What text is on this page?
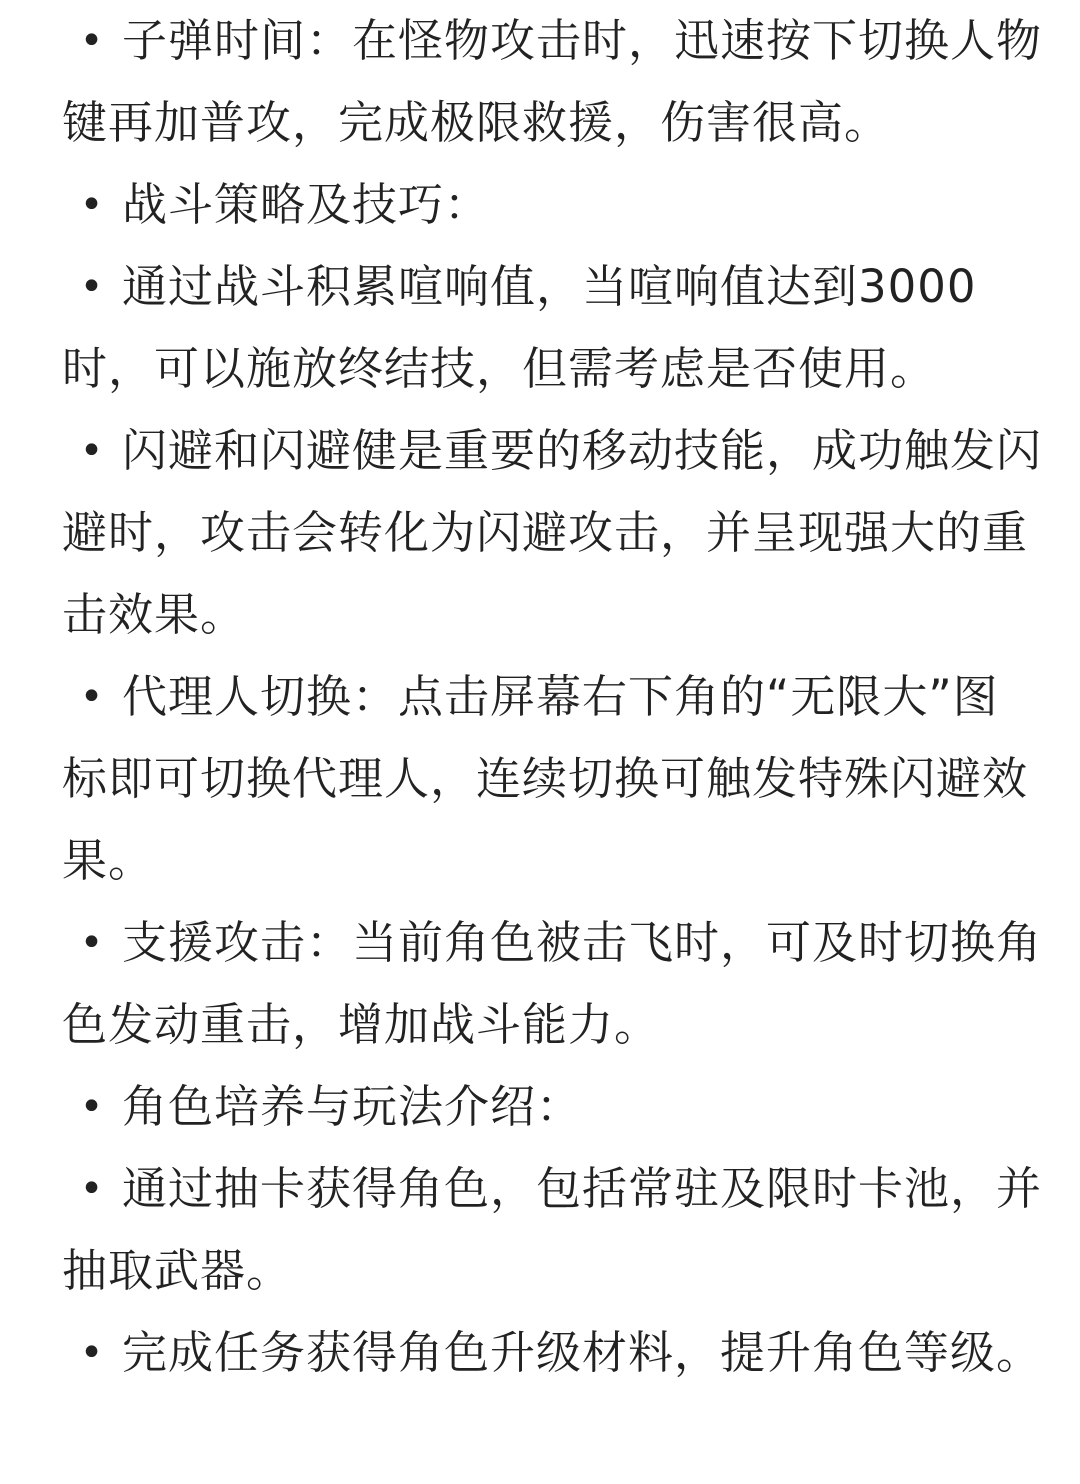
• 子弹时间：在怪物攻击时，迅速按下切换人物键再加普攻，完成极限救援，伤害很高。
• 战斗策略及技巧：
• 通过战斗积累喧响值，当喧响值达到3000时，可以施放终结技，但需考虑是否使用。
• 闪避和闪避健是重要的移动技能，成功触发闪避时，攻击会转化为闪避攻击，并呈现强大的重击效果。
• 代理人切换：点击屏幕右下角的“无限大”图标即可切换代理人，连续切换可触发特殊闪避效果。
• 支援攻击：当前角色被击飞时，可及时切换角色发动重击，增加战斗能力。
• 角色培养与玩法介绍：
• 通过抽卡获得角色，包括常驻及限时卡池，并抽取武器。
• 完成任务获得角色升级材料，提升角色等级。
